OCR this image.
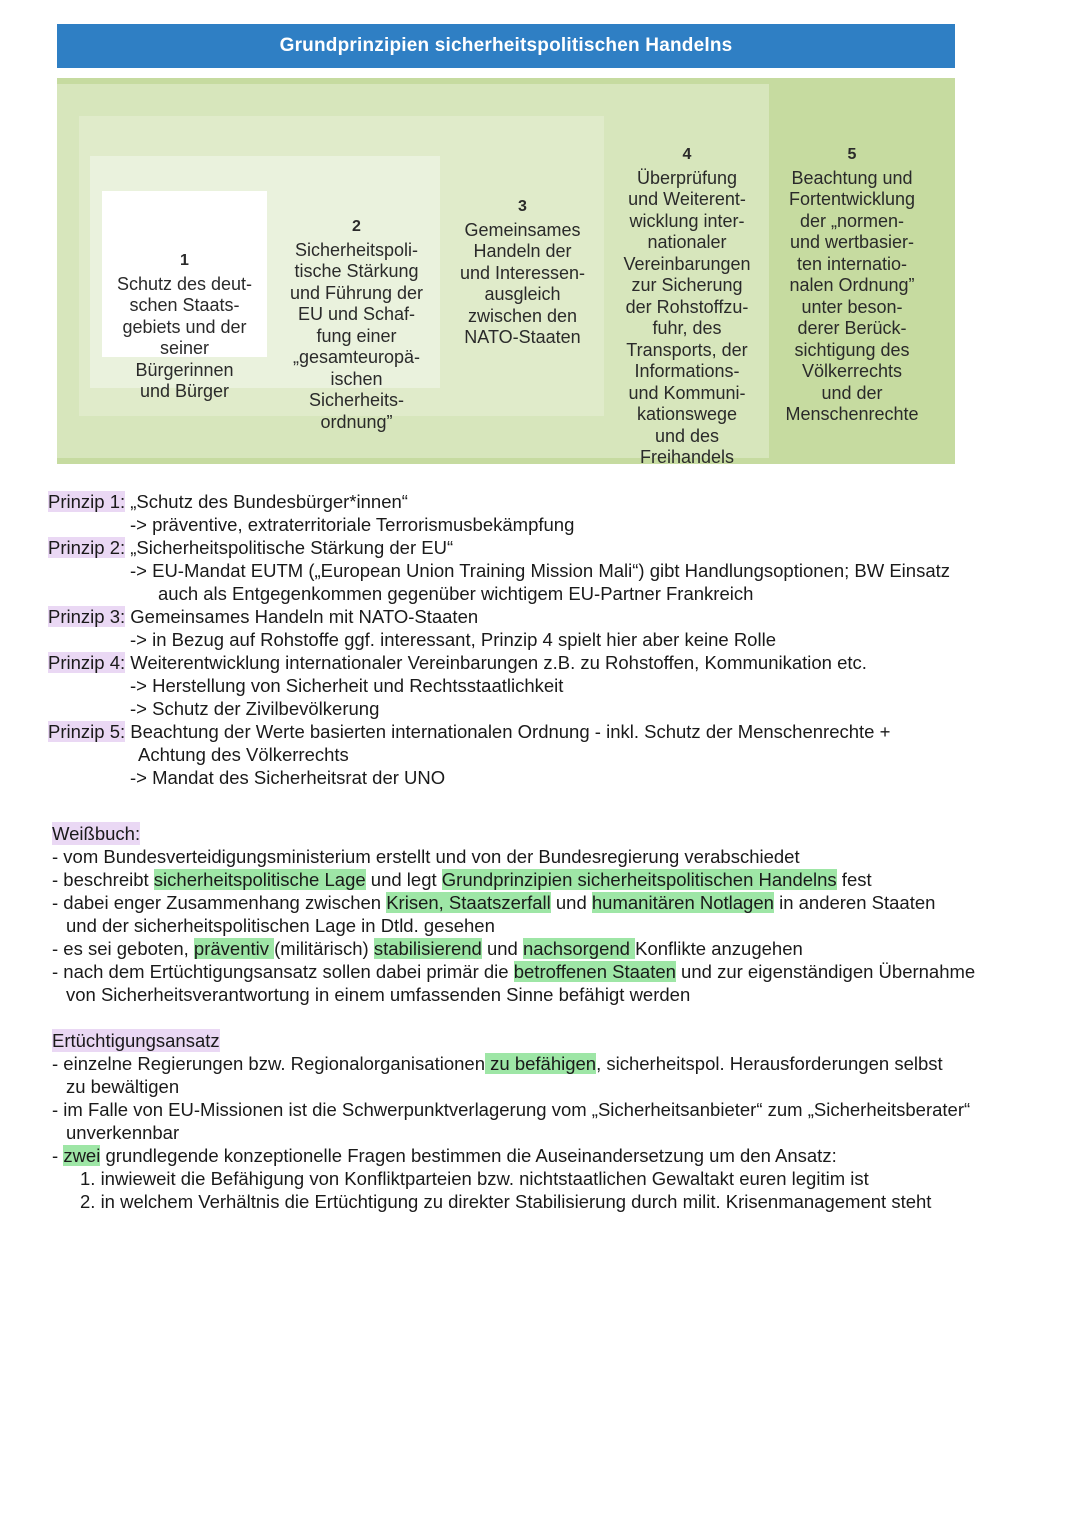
Grundprinzipien sicherheitspolitischen Handelns
1
Schutz des deut-
schen Staats-
gebiets und der
seiner
Bürgerinnen
und Bürger
2
Sicherheitspoli-
tische Stärkung
und Führung der
EU und Schaf-
fung einer
„gesamteuropä-
ischen
Sicherheits-
ordnung”
3
Gemeinsames
Handeln der
und Interessen-
ausgleich
zwischen den
NATO-Staaten
4
Überprüfung
und Weiterent-
wicklung inter-
nationaler
Vereinbarungen
zur Sicherung
der Rohstoffzu-
fuhr, des
Transports, der
Informations-
und Kommuni-
kationswege
und des
Freihandels
5
Beachtung und
Fortentwicklung
der „normen-
und wertbasier-
ten internatio-
nalen Ordnung”
unter beson-
derer Berück-
sichtigung des
Völkerrechts
und der
Menschenrechte
Prinzip 1: „Schutz des Bundesbürger*innen“
-> präventive, extraterritoriale Terrorismusbekämpfung
Prinzip 2: „Sicherheitspolitische Stärkung der EU“
-> EU-Mandat EUTM („European Union Training Mission Mali“) gibt Handlungsoptionen; BW Einsatz
auch als Entgegenkommen gegenüber wichtigem EU-Partner Frankreich
Prinzip 3: Gemeinsames Handeln mit NATO-Staaten
-> in Bezug auf Rohstoffe ggf. interessant, Prinzip 4 spielt hier aber keine Rolle
Prinzip 4: Weiterentwicklung internationaler Vereinbarungen z.B. zu Rohstoffen, Kommunikation etc.
-> Herstellung von Sicherheit und Rechtsstaatlichkeit
-> Schutz der Zivilbevölkerung
Prinzip 5: Beachtung der Werte basierten internationalen Ordnung - inkl. Schutz der Menschenrechte +
Achtung des Völkerrechts
-> Mandat des Sicherheitsrat der UNO
Weißbuch:
- vom Bundesverteidigungsministerium erstellt und von der Bundesregierung verabschiedet
- beschreibt sicherheitspolitische Lage und legt Grundprinzipien sicherheitspolitischen Handelns fest
- dabei enger Zusammenhang zwischen Krisen, Staatszerfall und humanitären Notlagen in anderen Staaten
und der sicherheitspolitischen Lage in Dtld. gesehen
- es sei geboten, präventiv (militärisch) stabilisierend und nachsorgend Konflikte anzugehen
- nach dem Ertüchtigungsansatz sollen dabei primär die betroffenen Staaten und zur eigenständigen Übernahme
von Sicherheitsverantwortung in einem umfassenden Sinne befähigt werden
Ertüchtigungsansatz
- einzelne Regierungen bzw. Regionalorganisationen zu befähigen, sicherheitspol. Herausforderungen selbst
zu bewältigen
- im Falle von EU-Missionen ist die Schwerpunktverlagerung vom „Sicherheitsanbieter“ zum „Sicherheitsberater“
unverkennbar
- zwei grundlegende konzeptionelle Fragen bestimmen die Auseinandersetzung um den Ansatz:
1. inwieweit die Befähigung von Konfliktparteien bzw. nichtstaatlichen Gewaltakt euren legitim ist
2. in welchem Verhältnis die Ertüchtigung zu direkter Stabilisierung durch milit. Krisenmanagement steht
